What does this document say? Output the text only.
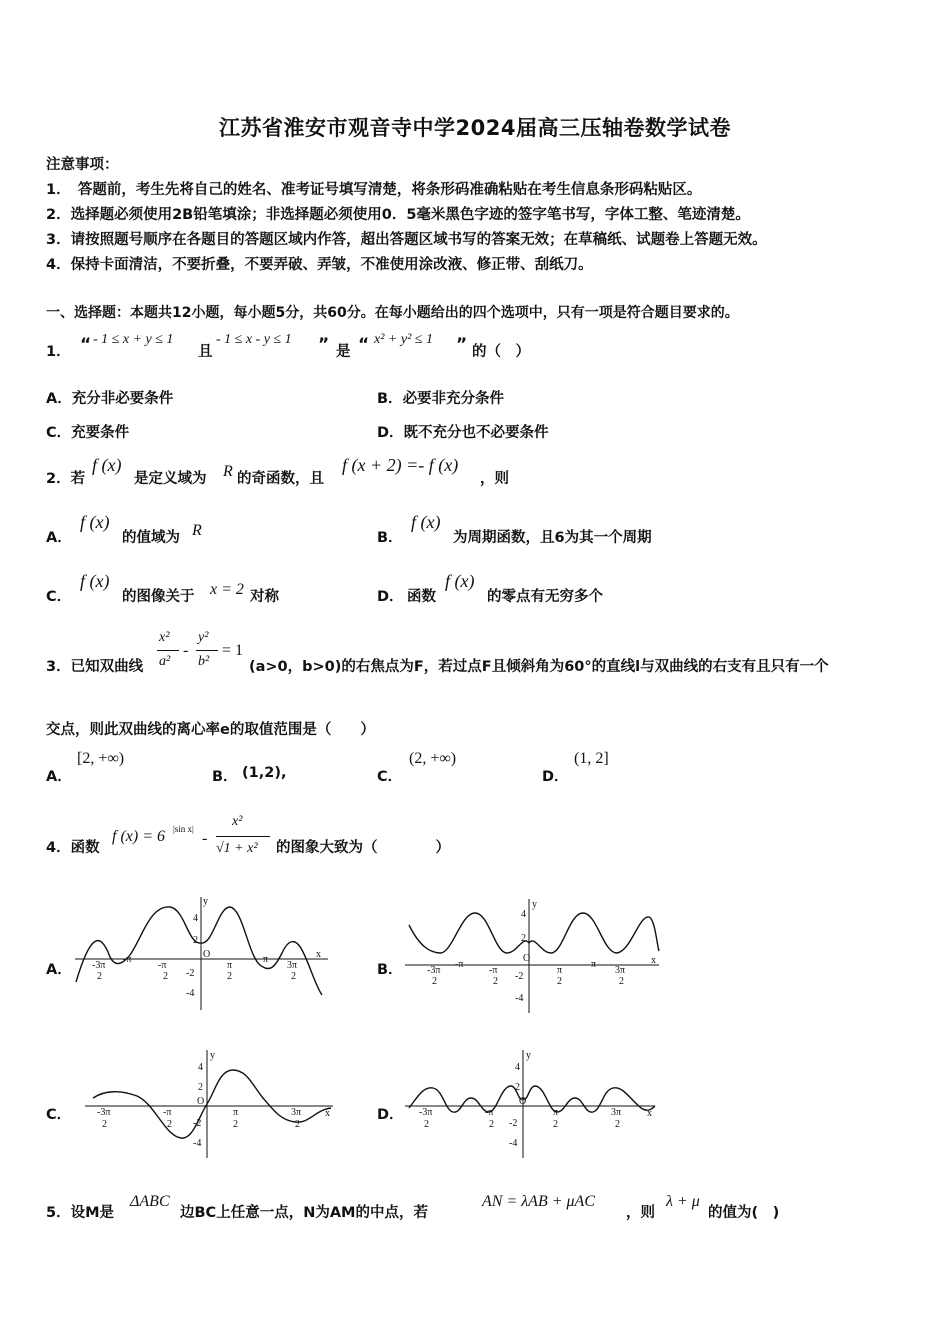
江苏省淮安市观音寺中学2024届高三压轴卷数学试卷
注意事项：
1．　答题前，考生先将自己的姓名、准考证号填写清楚，将条形码准确粘贴在考生信息条形码粘贴区。
2．选择题必须使用2B铅笔填涂；非选择题必须使用0．5毫米黑色字迹的签字笔书写，字体工整、笔迹清楚。
3．请按照题号顺序在各题目的答题区域内作答，超出答题区域书写的答案无效；在草稿纸、试题卷上答题无效。
4．保持卡面清洁，不要折叠，不要弄破、弄皱，不准使用涂改液、修正带、刮纸刀。
一、选择题：本题共12小题，每小题5分，共60分。在每小题给出的四个选项中，只有一项是符合题目要求的。
1． “ - 1 ≤ x + y ≤ 1
且
- 1 ≤ x - y ≤ 1 ” 是 “ x² + y² ≤ 1 ” 的（　）
A．充分非必要条件	B．必要非充分条件
C．充要条件	D．既不充分也不必要条件
2．若
f (x)
是定义域为 R 的奇函数，且
f (x + 2) =- f (x)
，则
A．
f (x)
的值域为 R	B．
f (x)
为周期函数，且6为其一个周期
C．
f (x)
的图像关于 x = 2 对称	D． 函数
f (x)
的零点有无穷多个
3．已知双曲线
x²
a²
-
y²
b²
= 1
(a>0，b>0)的右焦点为F，若过点F且倾斜角为60°的直线l与双曲线的右支有且只有一个
交点，则此双曲线的离心率e的取值范围是（　　）
A．
[2, +∞)
B． (1,2),	C．
(2, +∞)
D．
(1, 2]
4．函数
f (x) = 6 |sin x|
-
x²
√1 + x² 的图象大致为（　　　　）
A．	B．
C．	D．
x
y
4
2
O
-2
-4
-3π
2
-π
-π
2
π
2
π
3π
2
x
y
4
2
O
-2
-4
-3π
2
-π
-π
2
π
2
π
3π
2
x
y
4
2
O
-2
-4
-3π
2
-π
2
π
2
3π
2
x
y
4
2
O
-2
-4
-3π
2
-π
2
π
2
3π
2
5．设M是
ΔABC
边BC上任意一点，N为AM的中点，若
AN = λAB + μAC
，则
λ + μ
的值为(　)
